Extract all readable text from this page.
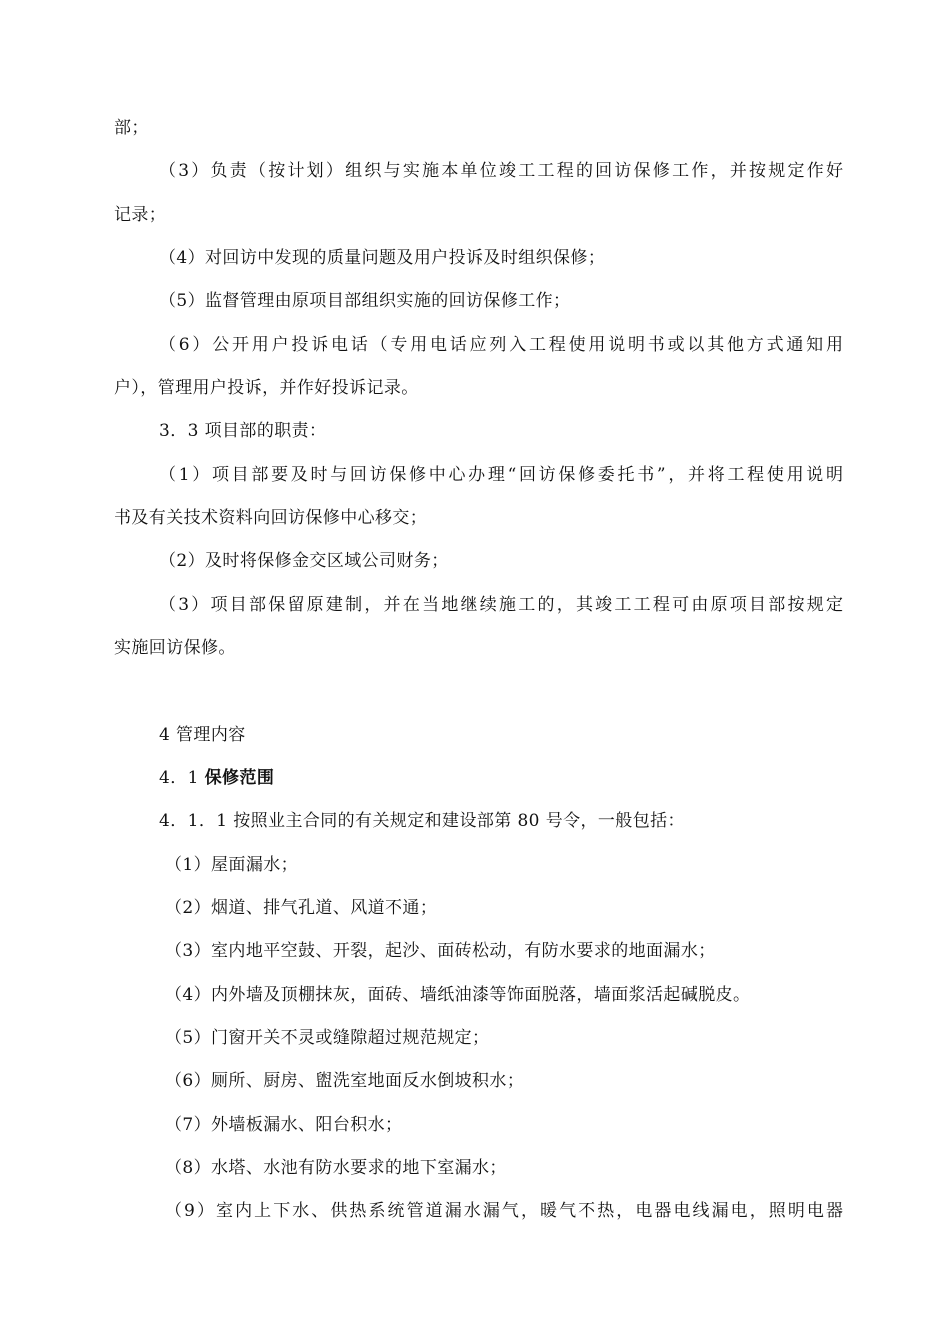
部；
（3）负责（按计划）组织与实施本单位竣工工程的回访保修工作，并按规定作好
记录；
（4）对回访中发现的质量问题及用户投诉及时组织保修；
（5）监督管理由原项目部组织实施的回访保修工作；
（6）公开用户投诉电话（专用电话应列入工程使用说明书或以其他方式通知用
户），管理用户投诉，并作好投诉记录。
3．3 项目部的职责：
（1）项目部要及时与回访保修中心办理“回访保修委托书”，并将工程使用说明
书及有关技术资料向回访保修中心移交；
（2）及时将保修金交区域公司财务；
（3）项目部保留原建制，并在当地继续施工的，其竣工工程可由原项目部按规定
实施回访保修。
4 管理内容
4．1 保修范围
4．1．1 按照业主合同的有关规定和建设部第 80 号令，一般包括：
（1）屋面漏水；
（2）烟道、排气孔道、风道不通；
（3）室内地平空鼓、开裂，起沙、面砖松动，有防水要求的地面漏水；
（4）内外墙及顶棚抹灰，面砖、墙纸油漆等饰面脱落，墙面浆活起碱脱皮。
（5）门窗开关不灵或缝隙超过规范规定；
（6）厕所、厨房、盥洗室地面反水倒坡积水；
（7）外墙板漏水、阳台积水；
（8）水塔、水池有防水要求的地下室漏水；
（9）室内上下水、供热系统管道漏水漏气，暖气不热，电器电线漏电，照明电器
